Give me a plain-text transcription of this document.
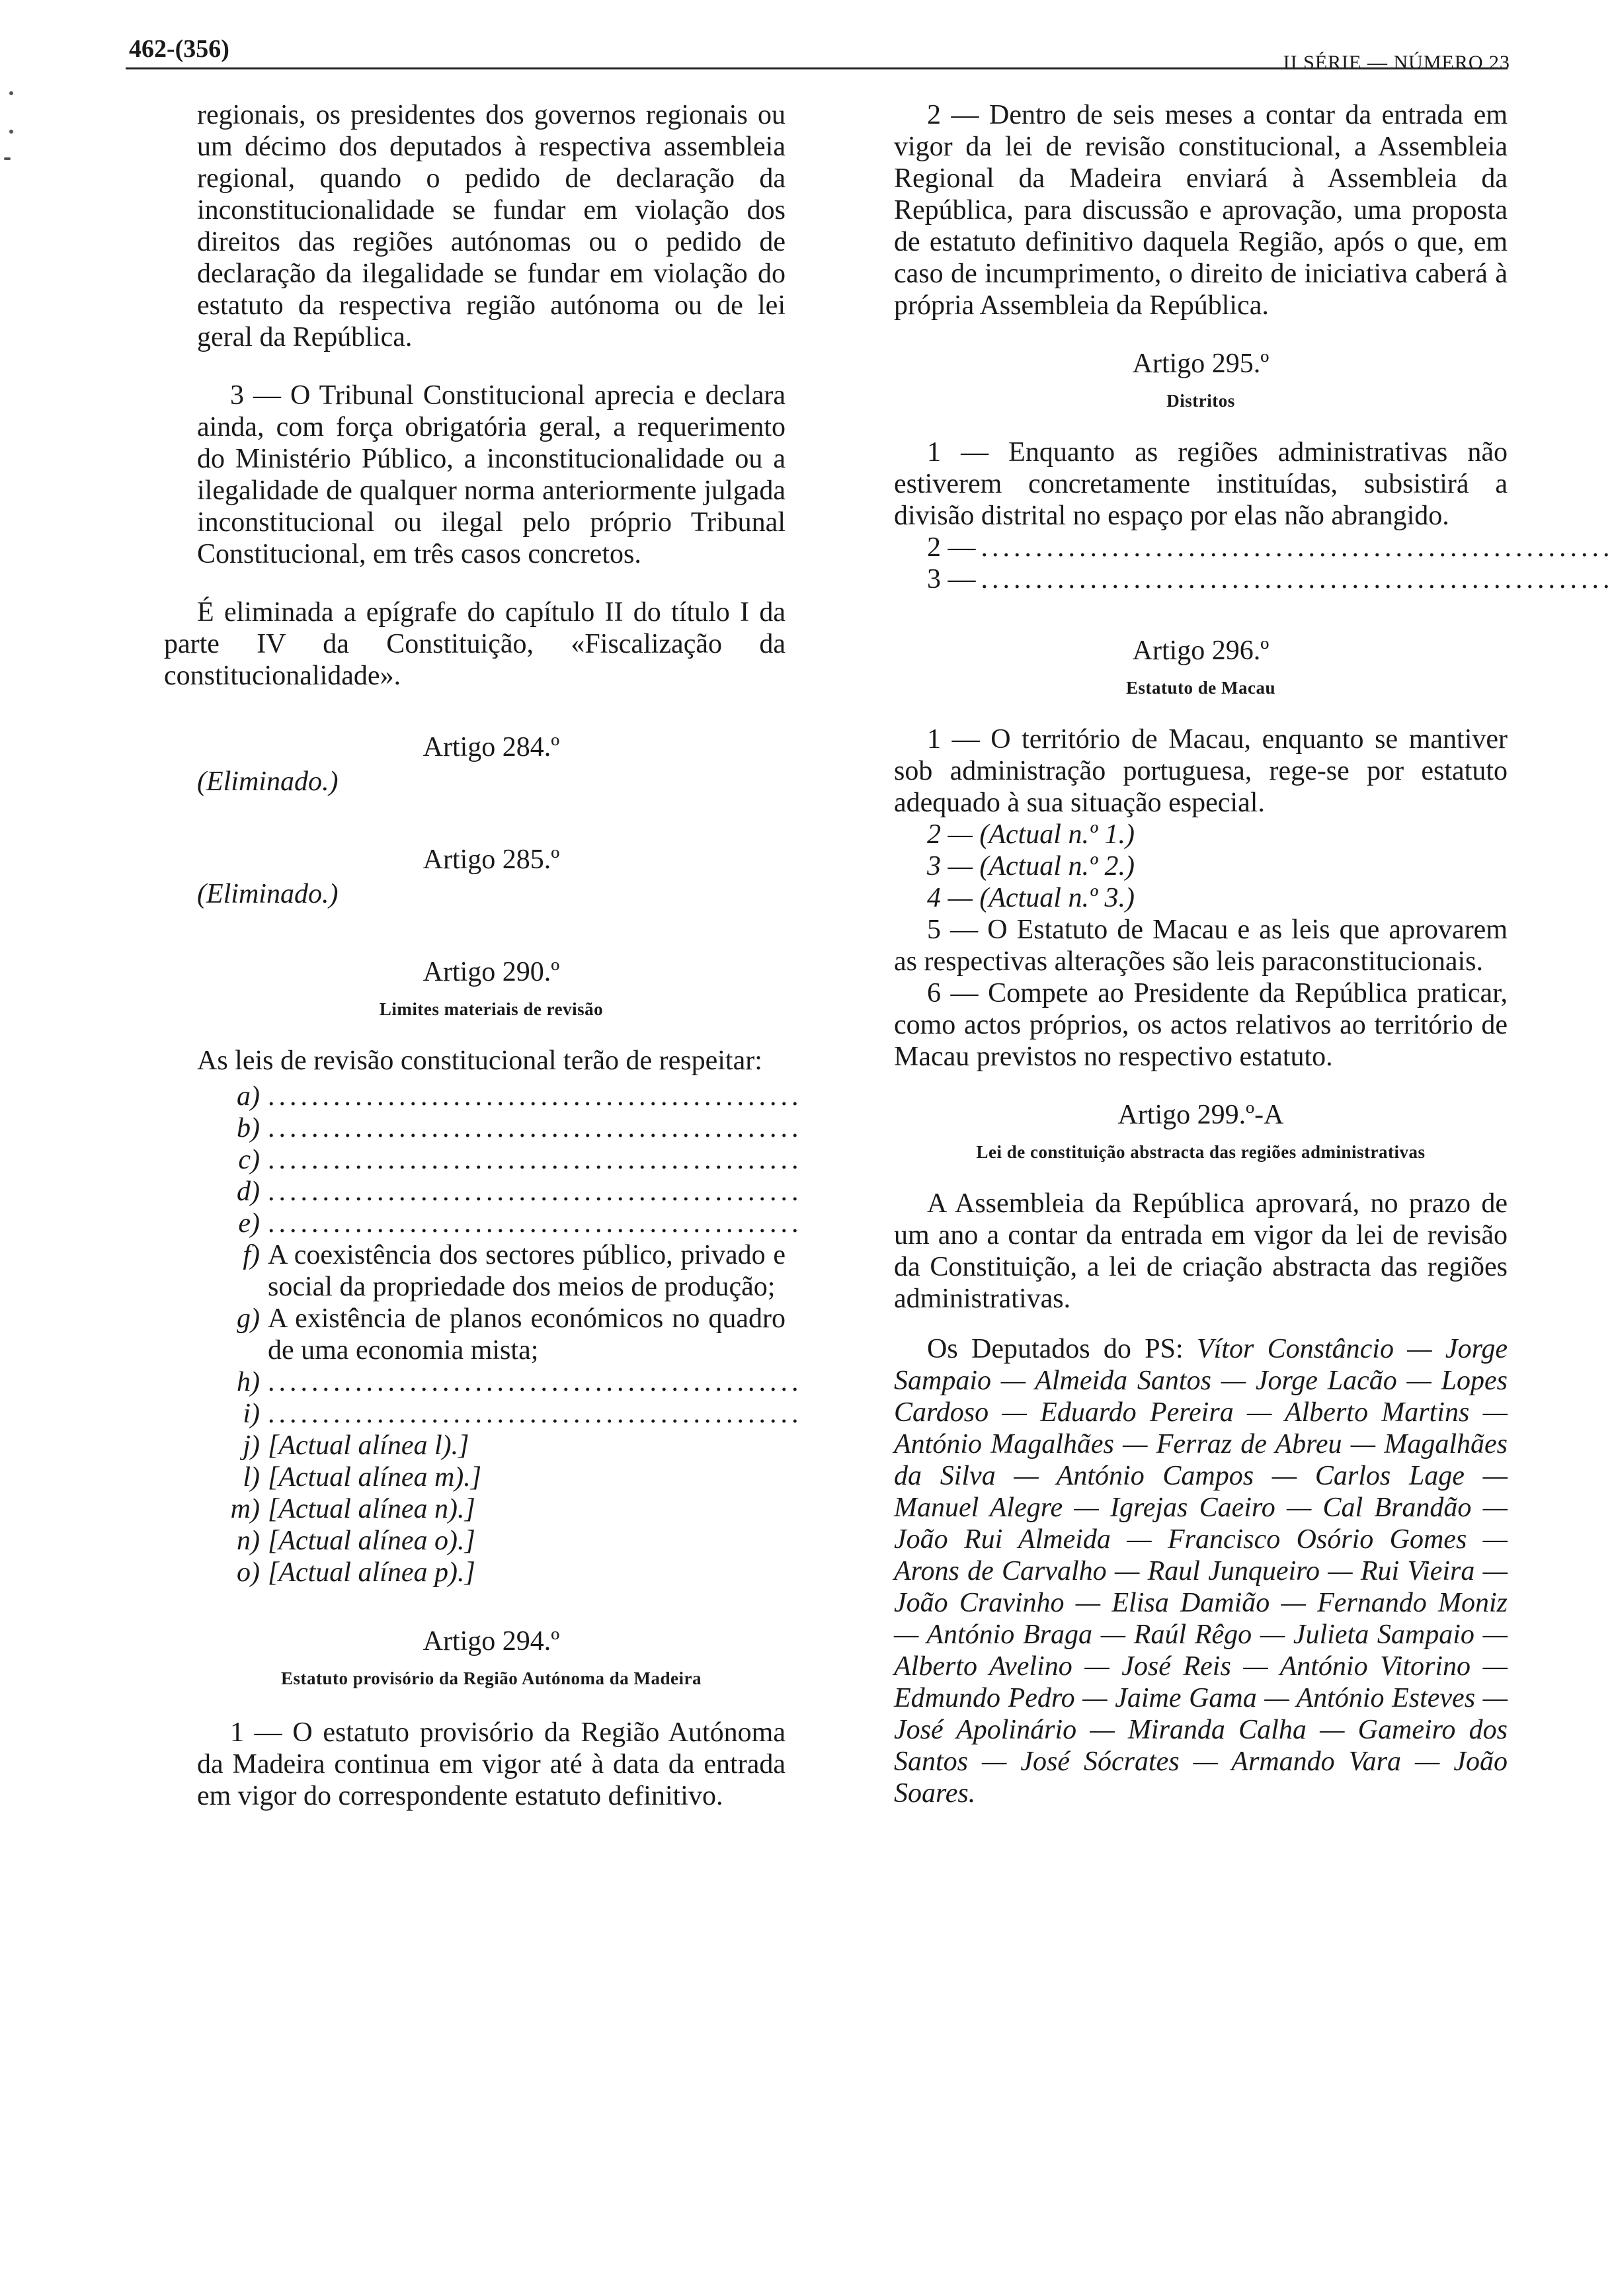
462-(356)	II SÉRIE — NÚMERO 23

regionais, os presidentes dos governos regionais ou um décimo dos deputados à respectiva assembleia regional, quando o pedido de declaração da inconstitucionalidade se fundar em violação dos direitos das regiões autónomas ou o pedido de declaração da ilegalidade se fundar em violação do estatuto da respectiva região autónoma ou de lei geral da República.

3 — O Tribunal Constitucional aprecia e declara ainda, com força obrigatória geral, a requerimento do Ministério Público, a inconstitucionalidade ou a ilegalidade de qualquer norma anteriormente julgada inconstitucional ou ilegal pelo próprio Tribunal Constitucional, em três casos concretos.

É eliminada a epígrafe do capítulo II do título I da parte IV da Constituição, «Fiscalização da constitucionalidade».

Artigo 284.º
(Eliminado.)
Artigo 285.º
(Eliminado.)
Artigo 290.º
Limites materiais de revisão

As leis de revisão constitucional terão de respeitar:

a) .................................................
b) .................................................
c) .................................................
d) .................................................
e) .................................................
f) A coexistência dos sectores público, privado e social da propriedade dos meios de produção;
g) A existência de planos económicos no quadro de uma economia mista;
h) .................................................
i) .................................................
j) [Actual alínea l).]
l) [Actual alínea m).]
m) [Actual alínea n).]
n) [Actual alínea o).]
o) [Actual alínea p).]
Artigo 294.º
Estatuto provisório da Região Autónoma da Madeira

1 — O estatuto provisório da Região Autónoma da Madeira continua em vigor até à data da entrada em vigor do correspondente estatuto definitivo.

2 — Dentro de seis meses a contar da entrada em vigor da lei de revisão constitucional, a Assembleia Regional da Madeira enviará à Assembleia da República, para discussão e aprovação, uma proposta de estatuto definitivo daquela Região, após o que, em caso de incumprimento, o direito de iniciativa caberá à própria Assembleia da República.

Artigo 295.º
Distritos

1 — Enquanto as regiões administrativas não estiverem concretamente instituídas, subsistirá a divisão distrital no espaço por elas não abrangido.

2 — ..........................................................
3 — ..........................................................
Artigo 296.º
Estatuto de Macau

1 — O território de Macau, enquanto se mantiver sob administração portuguesa, rege-se por estatuto adequado à sua situação especial.

2 — (Actual n.º 1.)

3 — (Actual n.º 2.)

4 — (Actual n.º 3.)

5 — O Estatuto de Macau e as leis que aprovarem as respectivas alterações são leis paraconstitucionais.

6 — Compete ao Presidente da República praticar, como actos próprios, os actos relativos ao território de Macau previstos no respectivo estatuto.

Artigo 299.º-A
Lei de constituição abstracta das regiões administrativas

A Assembleia da República aprovará, no prazo de um ano a contar da entrada em vigor da lei de revisão da Constituição, a lei de criação abstracta das regiões administrativas.

Os Deputados do PS: Vítor Constâncio — Jorge Sampaio — Almeida Santos — Jorge Lacão — Lopes Cardoso — Eduardo Pereira — Alberto Martins — António Magalhães — Ferraz de Abreu — Magalhães da Silva — António Campos — Carlos Lage — Manuel Alegre — Igrejas Caeiro — Cal Brandão — João Rui Almeida — Francisco Osório Gomes — Arons de Carvalho — Raul Junqueiro — Rui Vieira — João Cravinho — Elisa Damião — Fernando Moniz — António Braga — Raúl Rêgo — Julieta Sampaio — Alberto Avelino — José Reis — António Vitorino — Edmundo Pedro — Jaime Gama — António Esteves — José Apolinário — Miranda Calha — Gameiro dos Santos — José Sócrates — Armando Vara — João Soares.
